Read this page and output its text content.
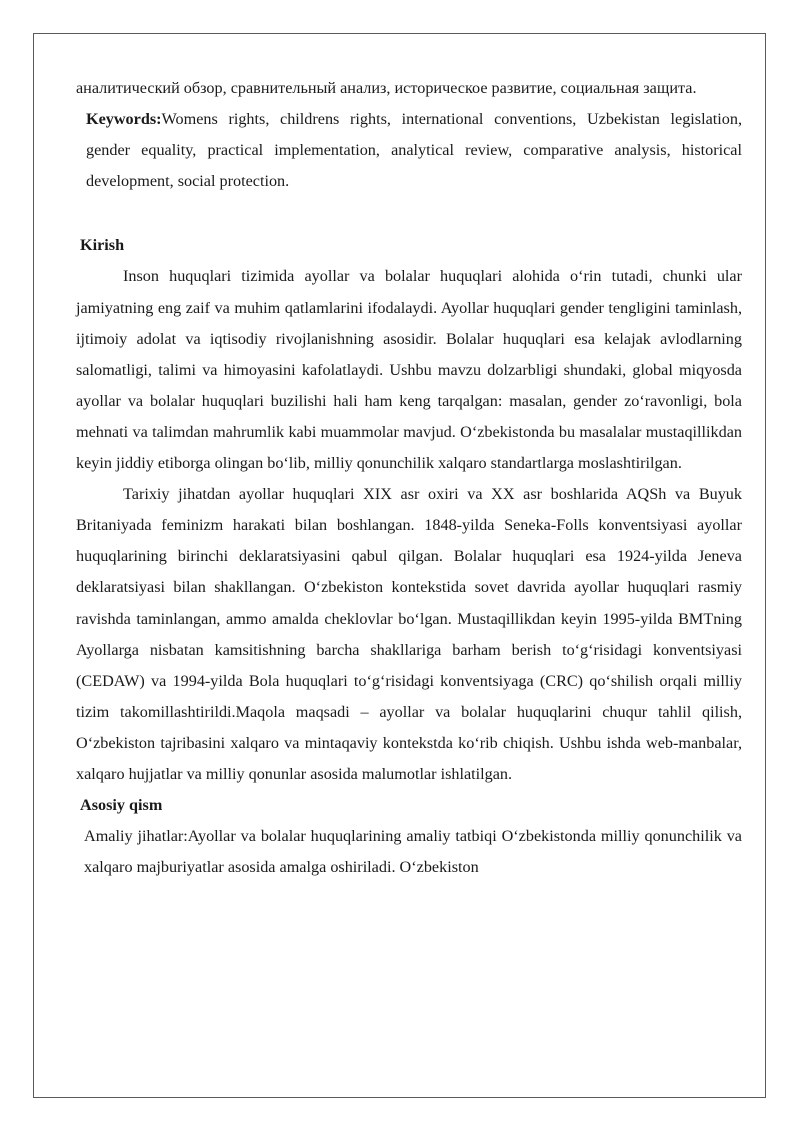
аналитический обзор, сравнительный анализ, историческое развитие, социальная защита.

Keywords:Womens rights, childrens rights, international conventions, Uzbekistan legislation, gender equality, practical implementation, analytical review, comparative analysis, historical development, social protection.

Kirish

Inson huquqlari tizimida ayollar va bolalar huquqlari alohida o‘rin tutadi, chunki ular jamiyatning eng zaif va muhim qatlamlarini ifodalaydi. Ayollar huquqlari gender tengligini taminlash, ijtimoiy adolat va iqtisodiy rivojlanishning asosidir. Bolalar huquqlari esa kelajak avlodlarning salomatligi, talimi va himoyasini kafolatlaydi. Ushbu mavzu dolzarbligi shundaki, global miqyosda ayollar va bolalar huquqlari buzilishi hali ham keng tarqalgan: masalan, gender zo‘ravonligi, bola mehnati va talimdan mahrumlik kabi muammolar mavjud. O‘zbekistonda bu masalalar mustaqillikdan keyin jiddiy etiborga olingan bo‘lib, milliy qonunchilik xalqaro standartlarga moslashtirilgan.

Tarixiy jihatdan ayollar huquqlari XIX asr oxiri va XX asr boshlarida AQSh va Buyuk Britaniyada feminizm harakati bilan boshlangan. 1848-yilda Seneka-Folls konventsiyasi ayollar huquqlarining birinchi deklaratsiyasini qabul qilgan. Bolalar huquqlari esa 1924-yilda Jeneva deklaratsiyasi bilan shakllangan. O‘zbekiston kontekstida sovet davrida ayollar huquqlari rasmiy ravishda taminlangan, ammo amalda cheklovlar bo‘lgan. Mustaqillikdan keyin 1995-yilda BMTning Ayollarga nisbatan kamsitishning barcha shakllariga barham berish to‘g‘risidagi konventsiyasi (CEDAW) va 1994-yilda Bola huquqlari to‘g‘risidagi konventsiyaga (CRC) qo‘shilish orqali milliy tizim takomillashtirildi.Maqola maqsadi – ayollar va bolalar huquqlarini chuqur tahlil qilish, O‘zbekiston tajribasini xalqaro va mintaqaviy kontekstda ko‘rib chiqish. Ushbu ishda web-manbalar, xalqaro hujjatlar va milliy qonunlar asosida malumotlar ishlatilgan.

Asosiy qism

Amaliy jihatlar:Ayollar va bolalar huquqlarining amaliy tatbiqi O‘zbekistonda milliy qonunchilik va xalqaro majburiyatlar asosida amalga oshiriladi. O‘zbekiston
